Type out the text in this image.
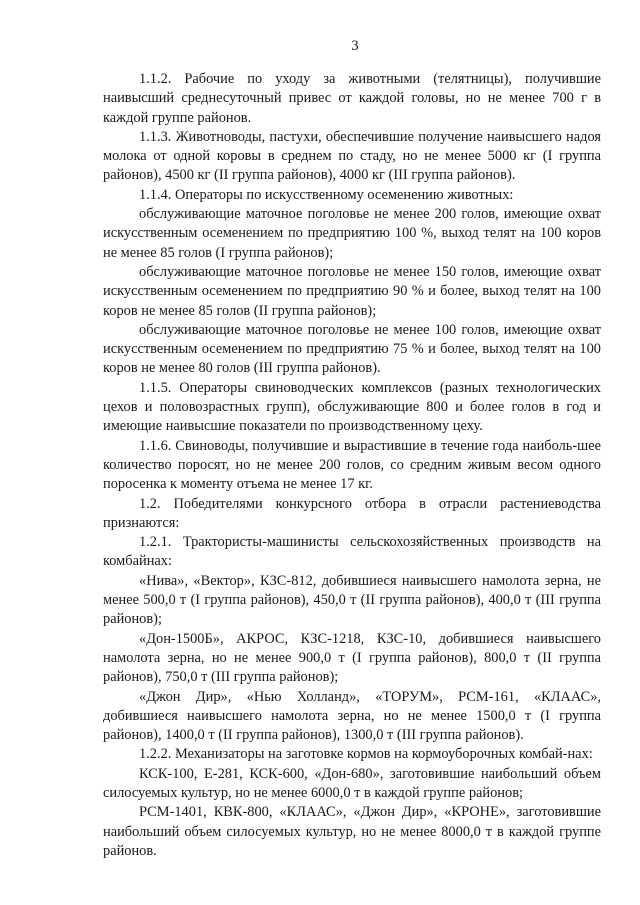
3

1.1.2. Рабочие по уходу за животными (телятницы), получившие наивысший среднесуточный привес от каждой головы, но не менее 700 г в каждой группе районов.

1.1.3. Животноводы, пастухи, обеспечившие получение наивысшего надоя молока от одной коровы в среднем по стаду, но не менее 5000 кг (I группа районов), 4500 кг (II группа районов), 4000 кг (III группа районов).

1.1.4. Операторы по искусственному осеменению животных:

обслуживающие маточное поголовье не менее 200 голов, имеющие охват искусственным осеменением по предприятию 100 %, выход телят на 100 коров не менее 85 голов (I группа районов);

обслуживающие маточное поголовье не менее 150 голов, имеющие охват искусственным осеменением по предприятию 90 % и более, выход телят на 100 коров не менее 85 голов (II группа районов);

обслуживающие маточное поголовье не менее 100 голов, имеющие охват искусственным осеменением по предприятию 75 % и более, выход телят на 100 коров не менее 80 голов (III группа районов).

1.1.5. Операторы свиноводческих комплексов (разных технологических цехов и половозрастных групп), обслуживающие 800 и более голов в год и имеющие наивысшие показатели по производственному цеху.

1.1.6. Свиноводы, получившие и вырастившие в течение года наиболь-шее количество поросят, но не менее 200 голов, со средним живым весом одного поросенка к моменту отъема не менее 17 кг.

1.2. Победителями конкурсного отбора в отрасли растениеводства признаются:

1.2.1. Трактористы-машинисты сельскохозяйственных производств на комбайнах:

«Нива», «Вектор», КЗС-812, добившиеся наивысшего намолота зерна, не менее 500,0 т (I группа районов), 450,0 т (II группа районов), 400,0 т (III группа районов);

«Дон-1500Б», АКРОС, КЗС-1218, КЗС-10, добившиеся наивысшего намолота зерна, но не менее 900,0 т (I группа районов), 800,0 т (II группа районов), 750,0 т (III группа районов);

«Джон Дир», «Нью Холланд», «ТОРУМ», РСМ-161, «КЛААС», добившиеся наивысшего намолота зерна, но не менее 1500,0 т (I группа районов), 1400,0 т (II группа районов), 1300,0 т (III группа районов).

1.2.2. Механизаторы на заготовке кормов на кормоуборочных комбай-нах:

КСК-100, Е-281, КСК-600, «Дон-680», заготовившие наибольший объем силосуемых культур, но не менее 6000,0 т в каждой группе районов;

РСМ-1401, КВК-800, «КЛААС», «Джон Дир», «КРОНЕ», заготовившие наибольший объем силосуемых культур, но не менее 8000,0 т в каждой группе районов.
